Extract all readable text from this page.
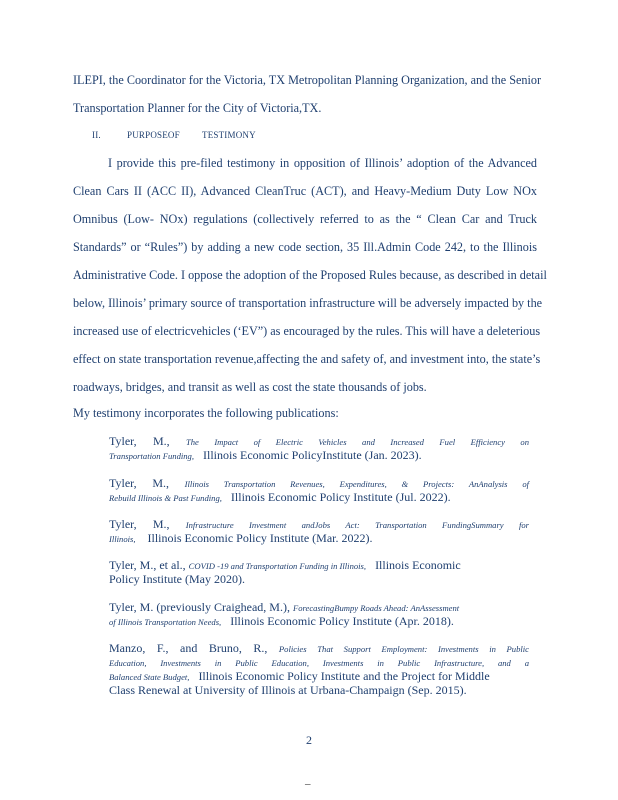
ILEPI, the Coordinator for the Victoria, TX Metropolitan Planning Organization, and the Senior
Transportation Planner for the City of Victoria,TX.
II.	PURPOSEOF TESTIMONY
I provide this pre-filed testimony in opposition of Illinois’ adoption of the Advanced
Clean Cars II (ACC II), Advanced CleanTruc (ACT), and Heavy-Medium Duty Low NOx
Omnibus (Low- NOx) regulations (collectively referred to as the “ Clean Car and Truck
Standards” or “Rules”) by adding a new code section, 35 Ill.Admin Code 242, to the Illinois
Administrative Code. I oppose the adoption of the Proposed Rules because, as described in detail
below, Illinois’ primary source of transportation infrastructure will be adversely impacted by the
increased use of electricvehicles (‘EV”) as encouraged by the rules. This will have a deleterious
effect on state transportation revenue,affecting the and safety of, and investment into, the state’s
roadways, bridges, and transit as well as cost the state thousands of jobs.
My testimony incorporates the following publications:
Tyler, M., The Impact of Electric Vehicles and Increased Fuel Efficiency on
Transportation Funding, Illinois Economic PolicyInstitute (Jan. 2023).
Tyler, M., Illinois Transportation Revenues, Expenditures, & Projects: AnAnalysis of
Rebuild Illinois & Past Funding, Illinois Economic Policy Institute (Jul. 2022).
Tyler, M., Infrastructure Investment andJobs Act: Transportation FundingSummary for
Illinois, Illinois Economic Policy Institute (Mar. 2022).
Tyler, M., et al., COVID -19 and Transportation Funding in Illinois, Illinois Economic
Policy Institute (May 2020).
Tyler, M. (previously Craighead, M.), ForecastingBumpy Roads Ahead: AnAssessment
of Illinois Transportation Needs, Illinois Economic Policy Institute (Apr. 2018).
Manzo, F., and Bruno, R., Policies That Support Employment: Investments in Public
Education, Investments in Public Education, Investments in Public Infrastructure, and a
Balanced State Budget, Illinois Economic Policy Institute and the Project for Middle
Class Renewal at University of Illinois at Urbana-Champaign (Sep. 2015).
2
–
